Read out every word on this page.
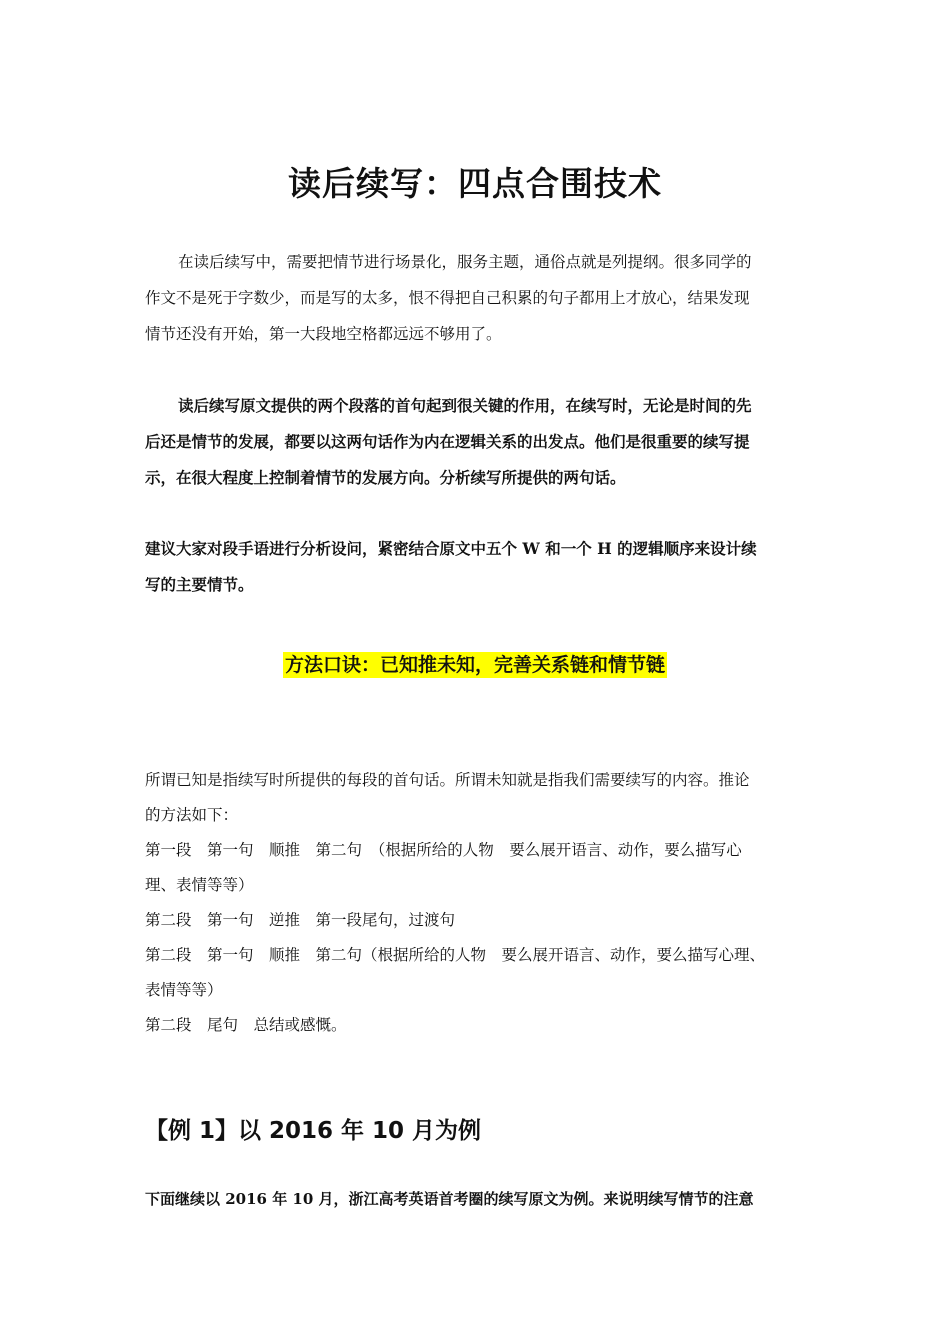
读后续写：四点合围技术
在读后续写中，需要把情节进行场景化，服务主题，通俗点就是列提纲。很多同学的
作文不是死于字数少，而是写的太多，恨不得把自己积累的句子都用上才放心，结果发现
情节还没有开始，第一大段地空格都远远不够用了。
读后续写原文提供的两个段落的首句起到很关键的作用，在续写时，无论是时间的先
后还是情节的发展，都要以这两句话作为内在逻辑关系的出发点。他们是很重要的续写提
示，在很大程度上控制着情节的发展方向。分析续写所提供的两句话。
建议大家对段手语进行分析设问，紧密结合原文中五个 W 和一个 H 的逻辑顺序来设计续
写的主要情节。
方法口诀：已知推未知，完善关系链和情节链
所谓已知是指续写时所提供的每段的首句话。所谓未知就是指我们需要续写的内容。推论
的方法如下：
第一段　第一句　顺推　第二句　（根据所给的人物　要么展开语言、动作，要么描写心
理、表情等等）
第二段　第一句　逆推　第一段尾句，过渡句
第二段　第一句　顺推　第二句（根据所给的人物　要么展开语言、动作，要么描写心理、
表情等等）
第二段　尾句　总结或感慨。
【例 1】以 2016 年 10 月为例
下面继续以 2016 年 10 月，浙江高考英语首考圈的续写原文为例。来说明续写情节的注意
